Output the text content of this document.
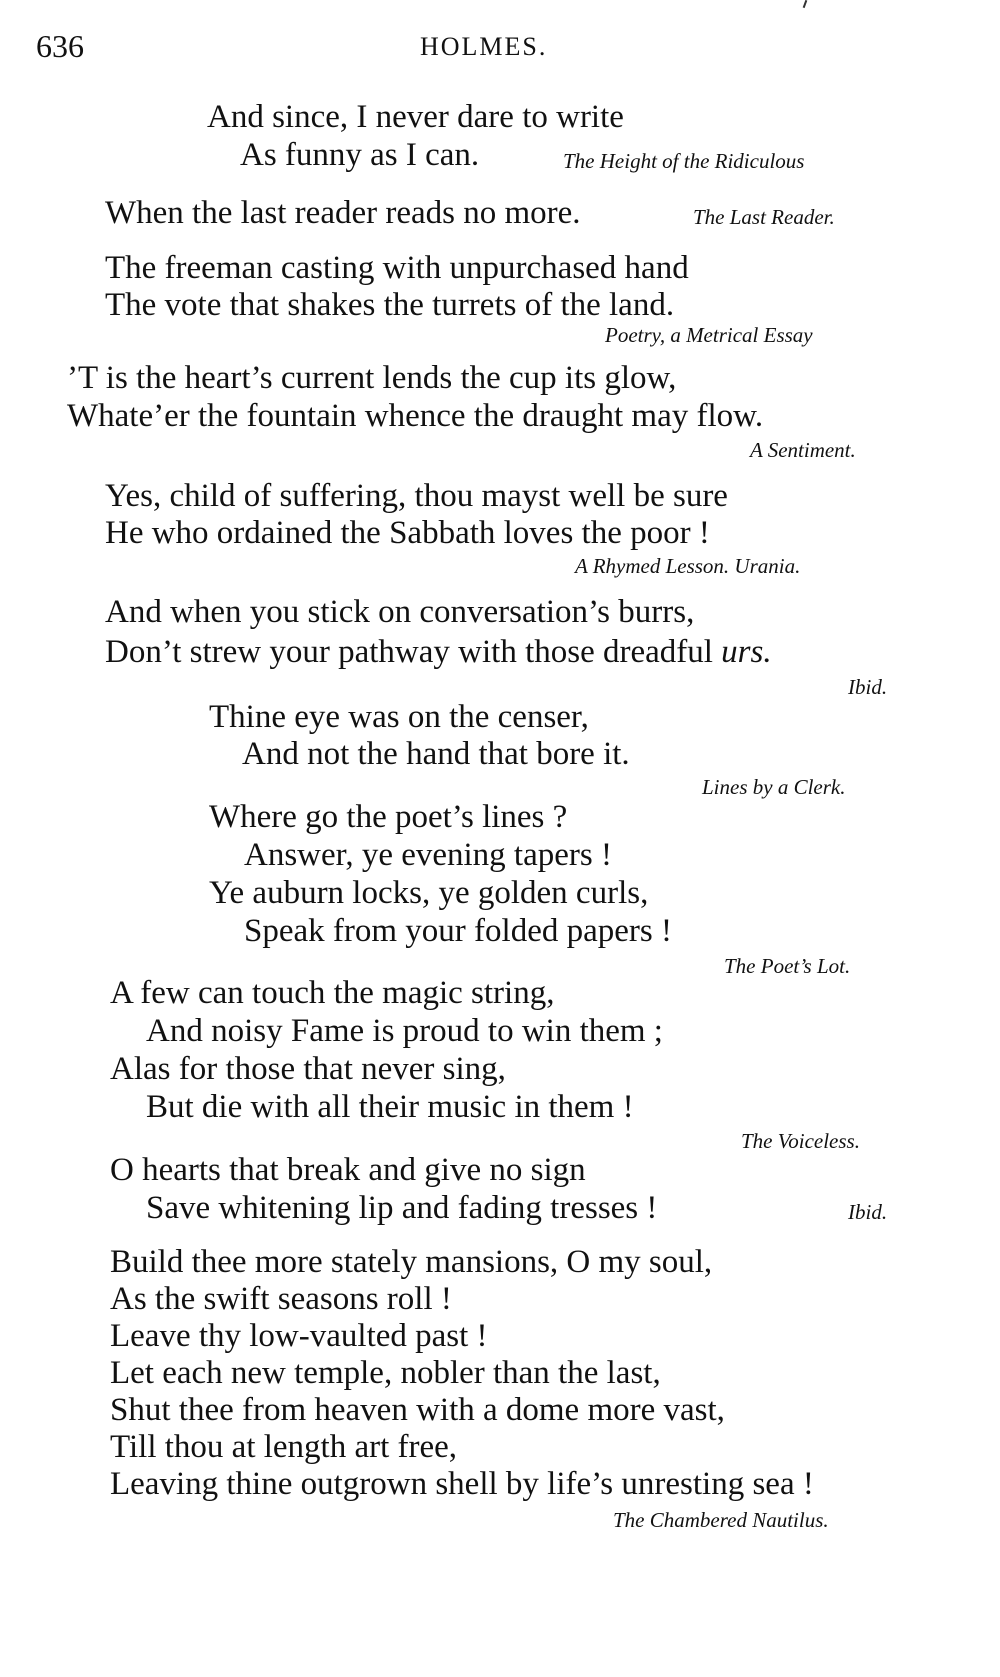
636	HOLMES.
And since, I never dare to write
As funny as I can.	The Height of the Ridiculous
When the last reader reads no more.	The Last Reader.
The freeman casting with unpurchased hand
The vote that shakes the turrets of the land.
Poetry, a Metrical Essay
’T is the heart’s current lends the cup its glow,
Whate’er the fountain whence the draught may flow.
A Sentiment.
Yes, child of suffering, thou mayst well be sure
He who ordained the Sabbath loves the poor !
A Rhymed Lesson. Urania.
And when you stick on conversation’s burrs,
Don’t strew your pathway with those dreadful urs.
Ibid.
Thine eye was on the censer,
And not the hand that bore it.
Lines by a Clerk.
Where go the poet’s lines ?
Answer, ye evening tapers !
Ye auburn locks, ye golden curls,
Speak from your folded papers !
The Poet’s Lot.
A few can touch the magic string,
And noisy Fame is proud to win them ;
Alas for those that never sing,
But die with all their music in them !
The Voiceless.
O hearts that break and give no sign
Save whitening lip and fading tresses !	Ibid.
Build thee more stately mansions, O my soul,
As the swift seasons roll !
Leave thy low-vaulted past !
Let each new temple, nobler than the last,
Shut thee from heaven with a dome more vast,
Till thou at length art free,
Leaving thine outgrown shell by life’s unresting sea !
The Chambered Nautilus.
